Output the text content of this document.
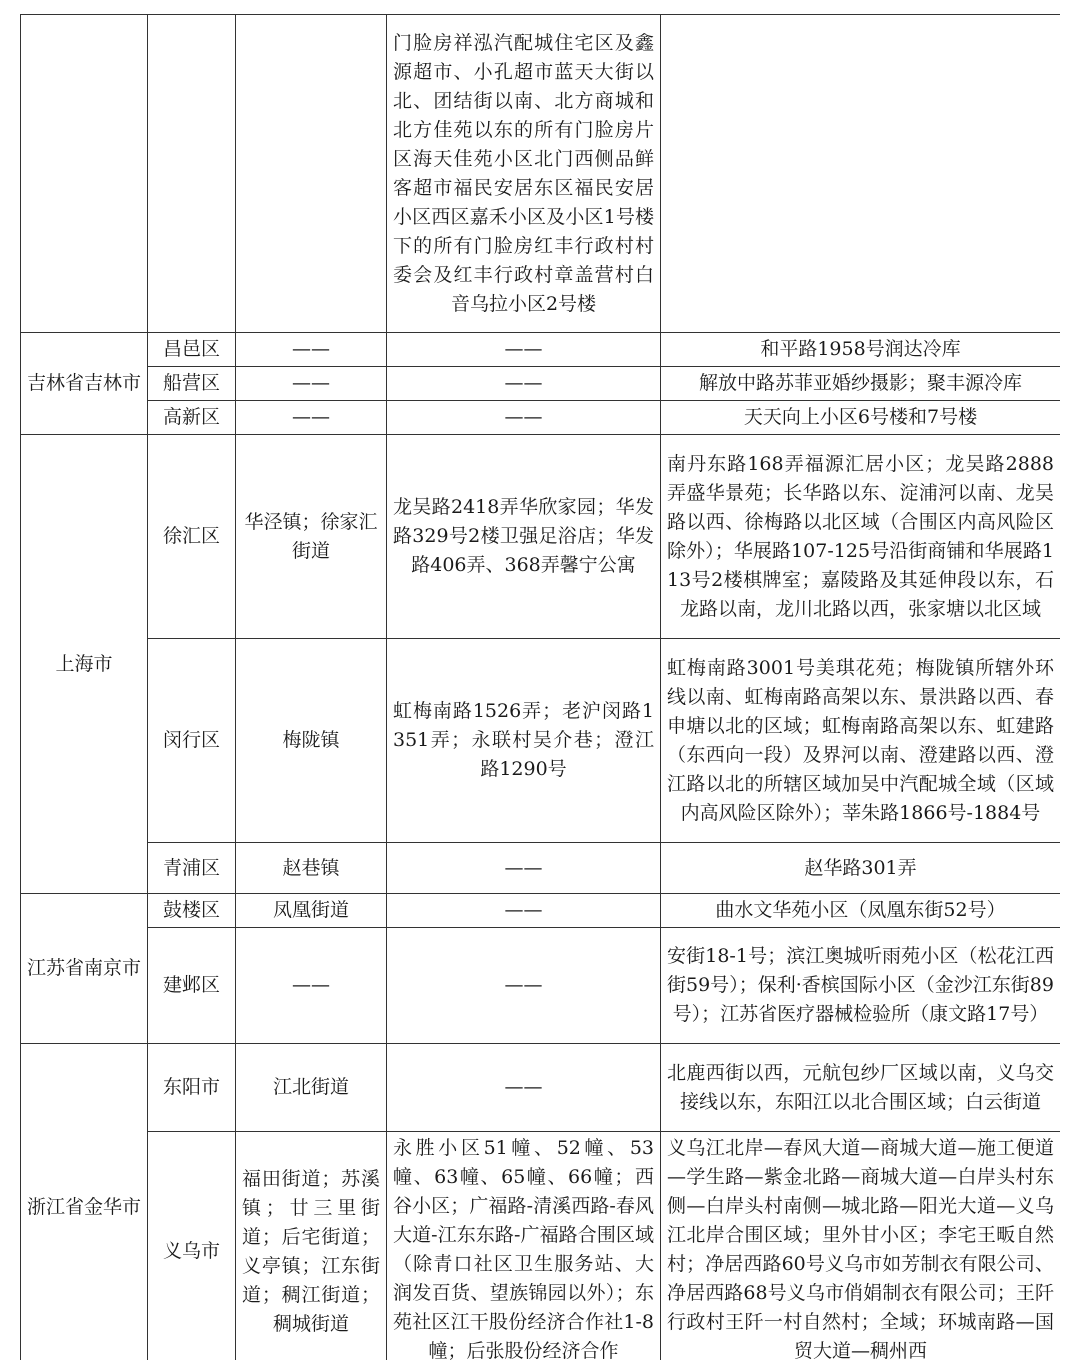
			门脸房祥泓汽配城住宅区及鑫源超市、小孔超市蓝天大街以北、团结街以南、北方商城和北方佳苑以东的所有门脸房片区海天佳苑小区北门西侧品鲜客超市福民安居东区福民安居小区西区嘉禾小区及小区1号楼下的所有门脸房红丰行政村村委会及红丰行政村章盖营村白音乌拉小区2号楼	
吉林省吉林市	昌邑区	——	——	和平路1958号润达冷库
	船营区	——	——	解放中路苏菲亚婚纱摄影；聚丰源冷库
	高新区	——	——	天天向上小区6号楼和7号楼
上海市	徐汇区	华泾镇；徐家汇街道	龙吴路2418弄华欣家园；华发路329号2楼卫强足浴店；华发路406弄、368弄馨宁公寓	南丹东路168弄福源汇居小区；龙吴路2888弄盛华景苑；长华路以东、淀浦河以南、龙吴路以西、徐梅路以北区域（合围区内高风险区除外）；华展路107-125号沿街商铺和华展路113号2楼棋牌室；嘉陵路及其延伸段以东，石龙路以南，龙川北路以西，张家塘以北区域
	闵行区	梅陇镇	虹梅南路1526弄；老沪闵路1351弄；永联村吴介巷；澄江路1290号	虹梅南路3001号美琪花苑；梅陇镇所辖外环线以南、虹梅南路高架以东、景洪路以西、春申塘以北的区域；虹梅南路高架以东、虹建路（东西向一段）及界河以南、澄建路以西、澄江路以北的所辖区域加吴中汽配城全域（区域内高风险区除外）；莘朱路1866号-1884号
	青浦区	赵巷镇	——	赵华路301弄
江苏省南京市	鼓楼区	凤凰街道	——	曲水文华苑小区（凤凰东街52号）
	建邺区	——	——	安街18-1号；滨江奥城听雨苑小区（松花江西街59号）；保利·香槟国际小区（金沙江东街89号）；江苏省医疗器械检验所（康文路17号）
浙江省金华市	东阳市	江北街道	——	北鹿西街以西，元航包纱厂区域以南，义乌交接线以东，东阳江以北合围区域；白云街道
	义乌市	福田街道；苏溪镇；廿三里街道；后宅街道；义亭镇；江东街道；稠江街道；稠城街道	永胜小区51幢、52幢、53幢、63幢、65幢、66幢；西谷小区；广福路-清溪西路-春风大道-江东东路-广福路合围区域（除青口社区卫生服务站、大润发百货、望族锦园以外）；东苑社区江干股份经济合作社1-8幢；后张股份经济合作	义乌江北岸—春风大道—商城大道—施工便道—学生路—紫金北路—商城大道—白岸头村东侧—白岸头村南侧—城北路—阳光大道—义乌江北岸合围区域；里外甘小区；李宅王畈自然村；净居西路60号义乌市如芳制衣有限公司、净居西路68号义乌市俏娟制衣有限公司；王阡行政村王阡一村自然村；全域；环城南路—国贸大道—稠州西
